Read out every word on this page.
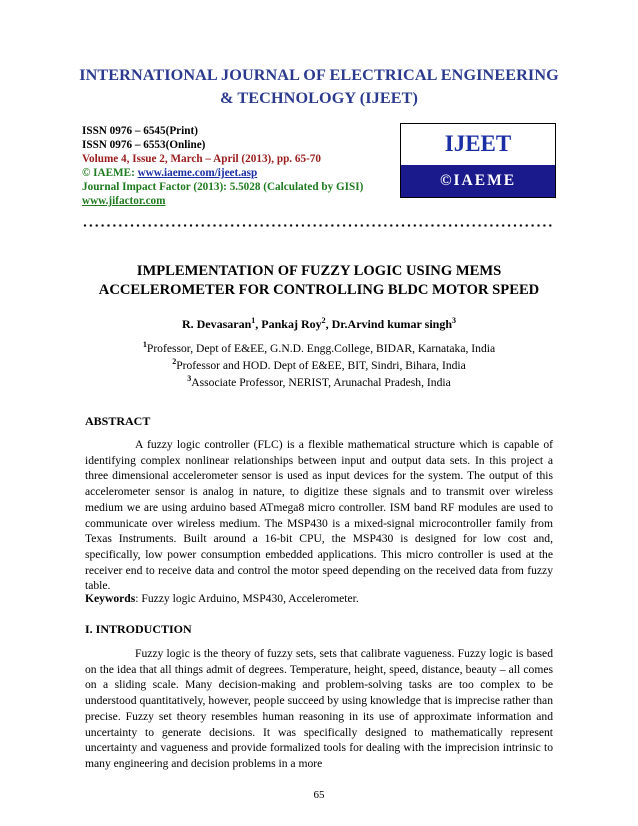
INTERNATIONAL JOURNAL OF ELECTRICAL ENGINEERING
& TECHNOLOGY (IJEET)
ISSN 0976 – 6545(Print)
ISSN 0976 – 6553(Online)
Volume 4, Issue 2, March – April (2013), pp. 65-70
© IAEME: www.iaeme.com/ijeet.asp
Journal Impact Factor (2013): 5.5028 (Calculated by GISI)
www.jifactor.com
IJEET
©IAEME
IMPLEMENTATION OF FUZZY LOGIC USING MEMS
ACCELEROMETER FOR CONTROLLING BLDC MOTOR SPEED
R. Devasaran$^1$, Pankaj Roy$^2$, Dr.Arvind kumar singh$^3$
$^1$Professor, Dept of E&EE, G.N.D. Engg.College, BIDAR, Karnataka, India
$^2$Professor and HOD. Dept of E&EE, BIT, Sindri, Bihara, India
$^3$Associate Professor, NERIST, Arunachal Pradesh, India
ABSTRACT

A fuzzy logic controller (FLC) is a flexible mathematical structure which is capable of identifying complex nonlinear relationships between input and output data sets. In this project a three dimensional accelerometer sensor is used as input devices for the system. The output of this accelerometer sensor is analog in nature, to digitize these signals and to transmit over wireless medium we are using arduino based ATmega8 micro controller. ISM band RF modules are used to communicate over wireless medium. The MSP430 is a mixed-signal microcontroller family from Texas Instruments. Built around a 16-bit CPU, the MSP430 is designed for low cost and, specifically, low power consumption embedded applications. This micro controller is used at the receiver end to receive data and control the motor speed depending on the received data from fuzzy table.

Keywords: Fuzzy logic Arduino, MSP430, Accelerometer.
I. INTRODUCTION

Fuzzy logic is the theory of fuzzy sets, sets that calibrate vagueness. Fuzzy logic is based on the idea that all things admit of degrees. Temperature, height, speed, distance, beauty – all comes on a sliding scale. Many decision-making and problem-solving tasks are too complex to be understood quantitatively, however, people succeed by using knowledge that is imprecise rather than precise. Fuzzy set theory resembles human reasoning in its use of approximate information and uncertainty to generate decisions. It was specifically designed to mathematically represent uncertainty and vagueness and provide formalized tools for dealing with the imprecision intrinsic to many engineering and decision problems in a more

65
